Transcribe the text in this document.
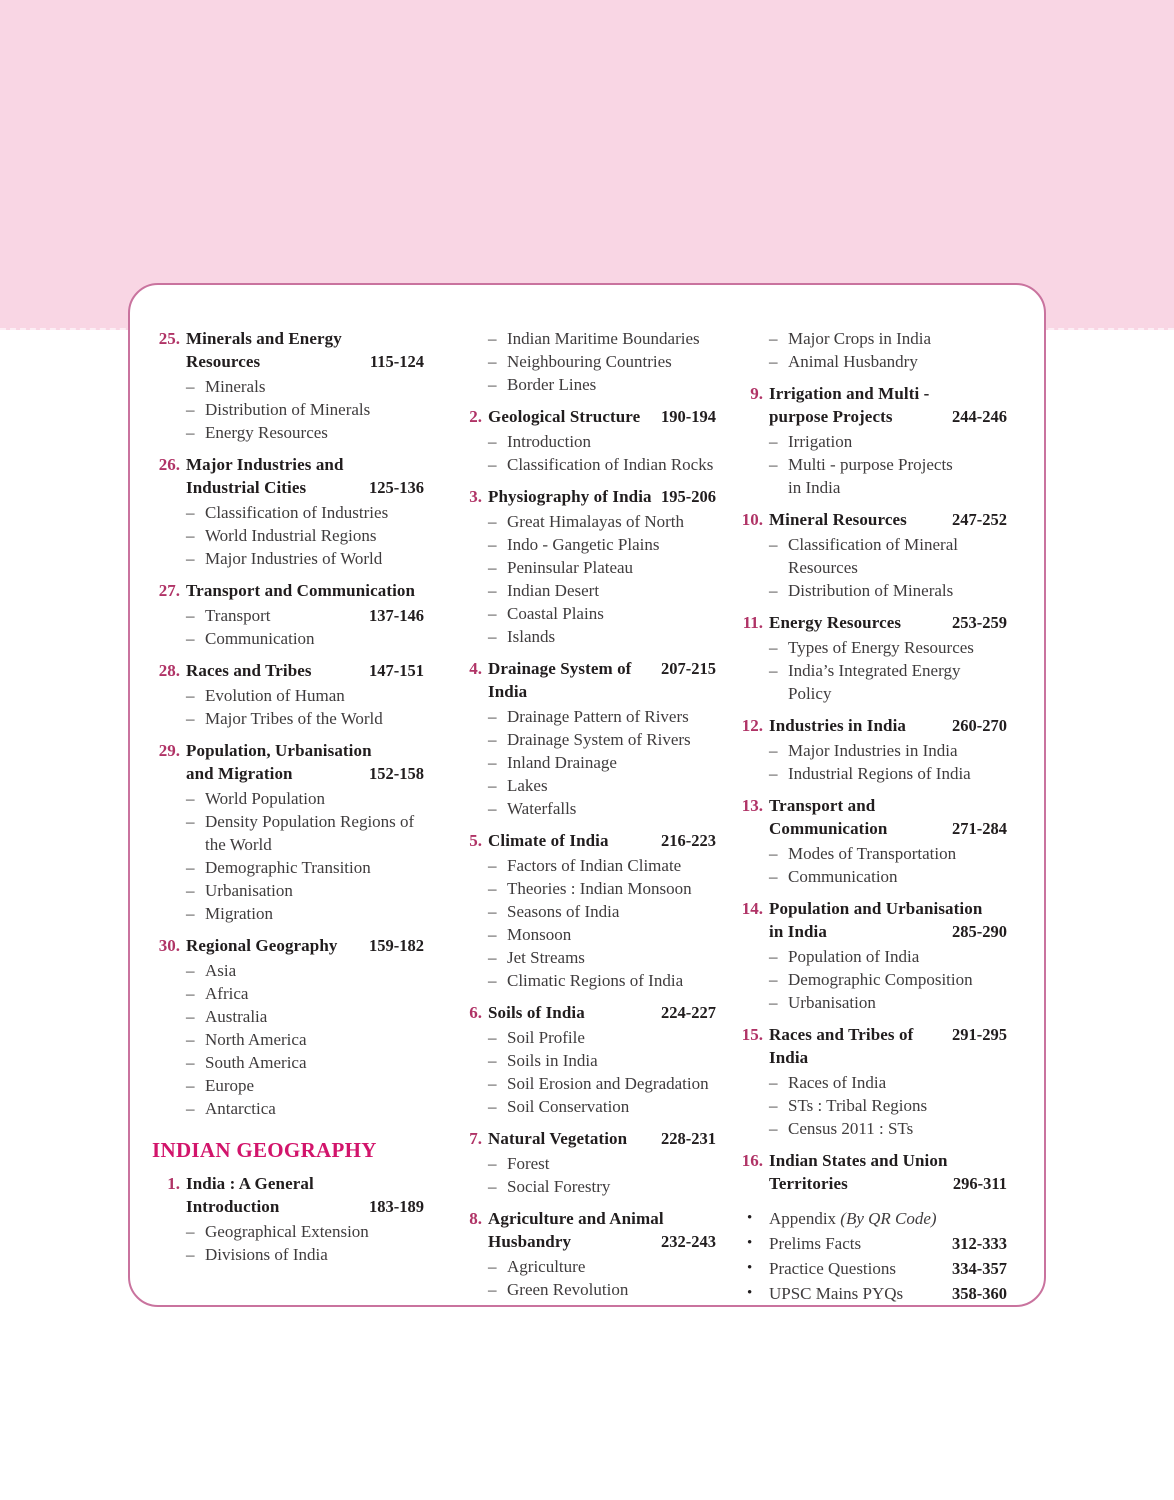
25. Minerals and Energy
Resources	115-124
– Minerals
– Distribution of Minerals
– Energy Resources
26. Major Industries and
Industrial Cities	125-136
– Classification of Industries
– World Industrial Regions
– Major Industries of World
27. Transport and Communication
– Transport	137-146
– Communication
28. Races and Tribes	147-151
– Evolution of Human
– Major Tribes of the World
29. Population, Urbanisation
and Migration	152-158
– World Population
– Density Population Regions of
the World
– Demographic Transition
– Urbanisation
– Migration
30. Regional Geography 159-182
– Asia
– Africa
– Australia
– North America
– South America
– Europe
– Antarctica
INDIAN GEOGRAPHY
1. India : A General
Introduction	183-189
– Geographical Extension
– Divisions of India
– Indian Maritime Boundaries
– Neighbouring Countries
– Border Lines
2. Geological Structure 190-194
– Introduction
– Classification of Indian Rocks
3. Physiography of India 195-206
– Great Himalayas of North
– Indo - Gangetic Plains
– Peninsular Plateau
– Indian Desert
– Coastal Plains
– Islands
4. Drainage System of India
207-215
– Drainage Pattern of Rivers
– Drainage System of Rivers
– Inland Drainage
– Lakes
– Waterfalls
5. Climate of India	216-223
– Factors of Indian Climate
– Theories : Indian Monsoon
– Seasons of India
– Monsoon
– Jet Streams
– Climatic Regions of India
6. Soils of India	224-227
– Soil Profile
– Soils in India
– Soil Erosion and Degradation
– Soil Conservation
7. Natural Vegetation 228-231
– Forest
– Social Forestry
8. Agriculture and Animal
Husbandry	232-243
– Agriculture
– Green Revolution
– Major Crops in India
– Animal Husbandry
9. Irrigation and Multi -
purpose Projects	244-246
– Irrigation
– Multi - purpose Projects
in India
10. Mineral Resources	247-252
– Classification of Mineral
Resources
– Distribution of Minerals
11. Energy Resources	253-259
– Types of Energy Resources
– India’s Integrated Energy
Policy
12. Industries in India	260-270
– Major Industries in India
– Industrial Regions of India
13. Transport and
Communication	271-284
– Modes of Transportation
– Communication
14. Population and Urbanisation
in India	285-290
– Population of India
– Demographic Composition
– Urbanisation
15. Races and Tribes of India
291-295
– Races of India
– STs : Tribal Regions
– Census 2011 : STs
16. Indian States and Union
Territories	296-311
• Appendix (By QR Code)
• Prelims Facts	312-333
• Practice Questions	334-357
• UPSC Mains PYQs	358-360
